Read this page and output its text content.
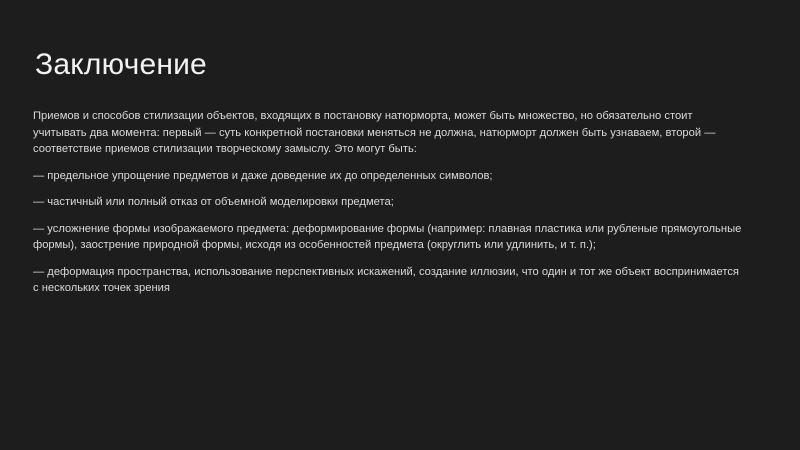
Заключение

Приемов и способов стилизации объектов, входящих в постановку натюрморта, может быть множество, но обязательно стоит учитывать два момента: первый — суть конкретной постановки меняться не должна, натюрморт должен быть узнаваем, второй — соответствие приемов стилизации творческому замыслу. Это могут быть:

— предельное упрощение предметов и даже доведение их до определенных символов;

— частичный или полный отказ от объемной моделировки предмета;

— усложнение формы изображаемого предмета: деформирование формы (например: плавная пластика или рубленые прямоугольные формы), заострение природной формы, исходя из особенностей предмета (округлить или удлинить, и т. п.);

— деформация пространства, использование перспективных искажений, создание иллюзии, что один и тот же объект воспринимается с нескольких точек зрения
